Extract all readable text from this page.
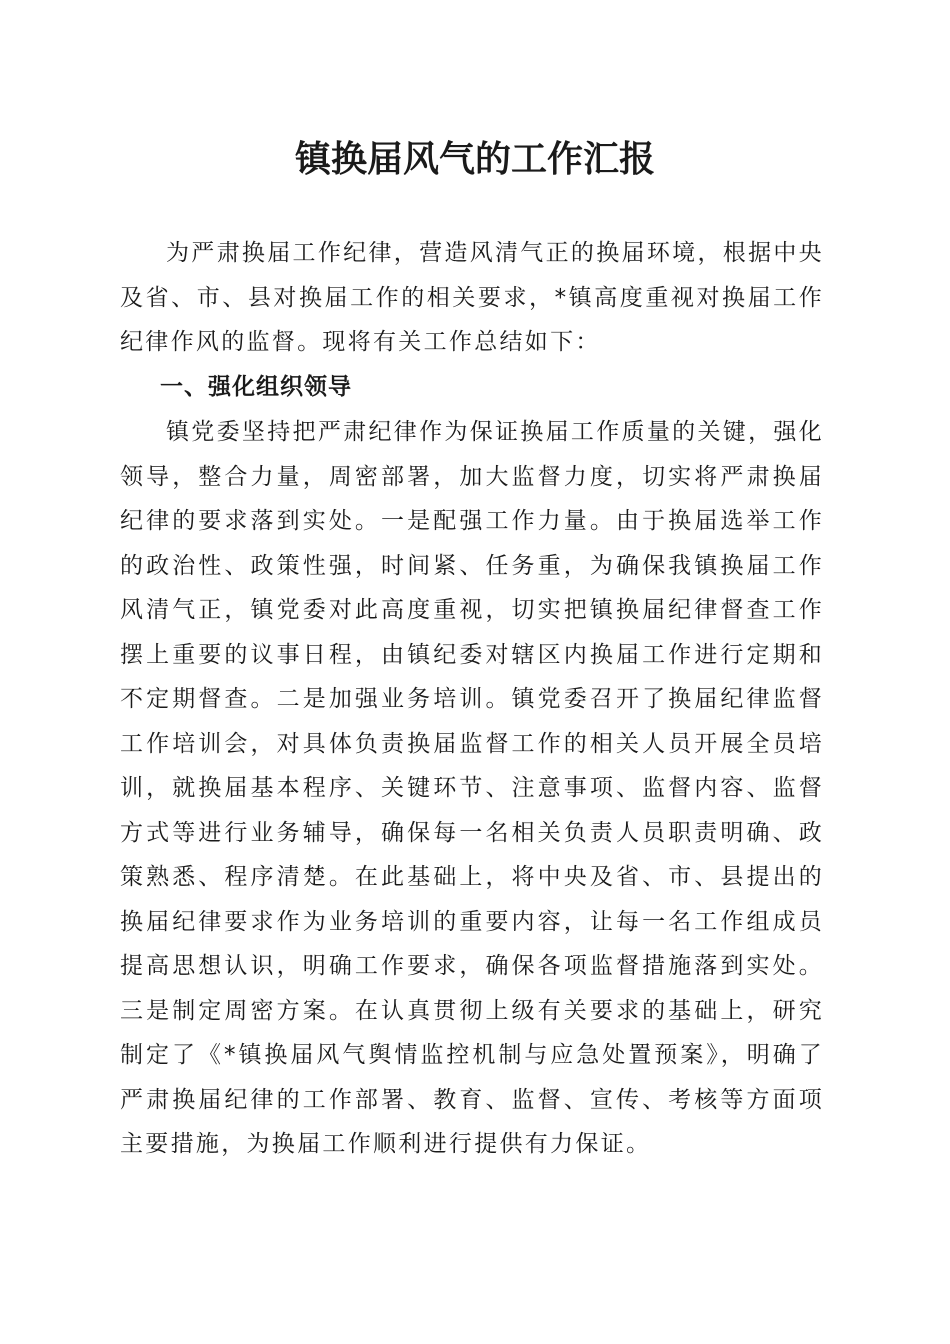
镇换届风气的工作汇报

为严肃换届工作纪律，营造风清气正的换届环境，根据中央及省、市、县对换届工作的相关要求，*镇高度重视对换届工作纪律作风的监督。现将有关工作总结如下：

一、强化组织领导

镇党委坚持把严肃纪律作为保证换届工作质量的关键，强化领导，整合力量，周密部署，加大监督力度，切实将严肃换届纪律的要求落到实处。一是配强工作力量。由于换届选举工作的政治性、政策性强，时间紧、任务重，为确保我镇换届工作风清气正，镇党委对此高度重视，切实把镇换届纪律督查工作摆上重要的议事日程，由镇纪委对辖区内换届工作进行定期和不定期督查。二是加强业务培训。镇党委召开了换届纪律监督工作培训会，对具体负责换届监督工作的相关人员开展全员培训，就换届基本程序、关键环节、注意事项、监督内容、监督方式等进行业务辅导，确保每一名相关负责人员职责明确、政策熟悉、程序清楚。在此基础上，将中央及省、市、县提出的换届纪律要求作为业务培训的重要内容，让每一名工作组成员提高思想认识，明确工作要求，确保各项监督措施落到实处。三是制定周密方案。在认真贯彻上级有关要求的基础上，研究制定了《*镇换届风气舆情监控机制与应急处置预案》，明确了严肃换届纪律的工作部署、教育、监督、宣传、考核等方面项主要措施，为换届工作顺利进行提供有力保证。
